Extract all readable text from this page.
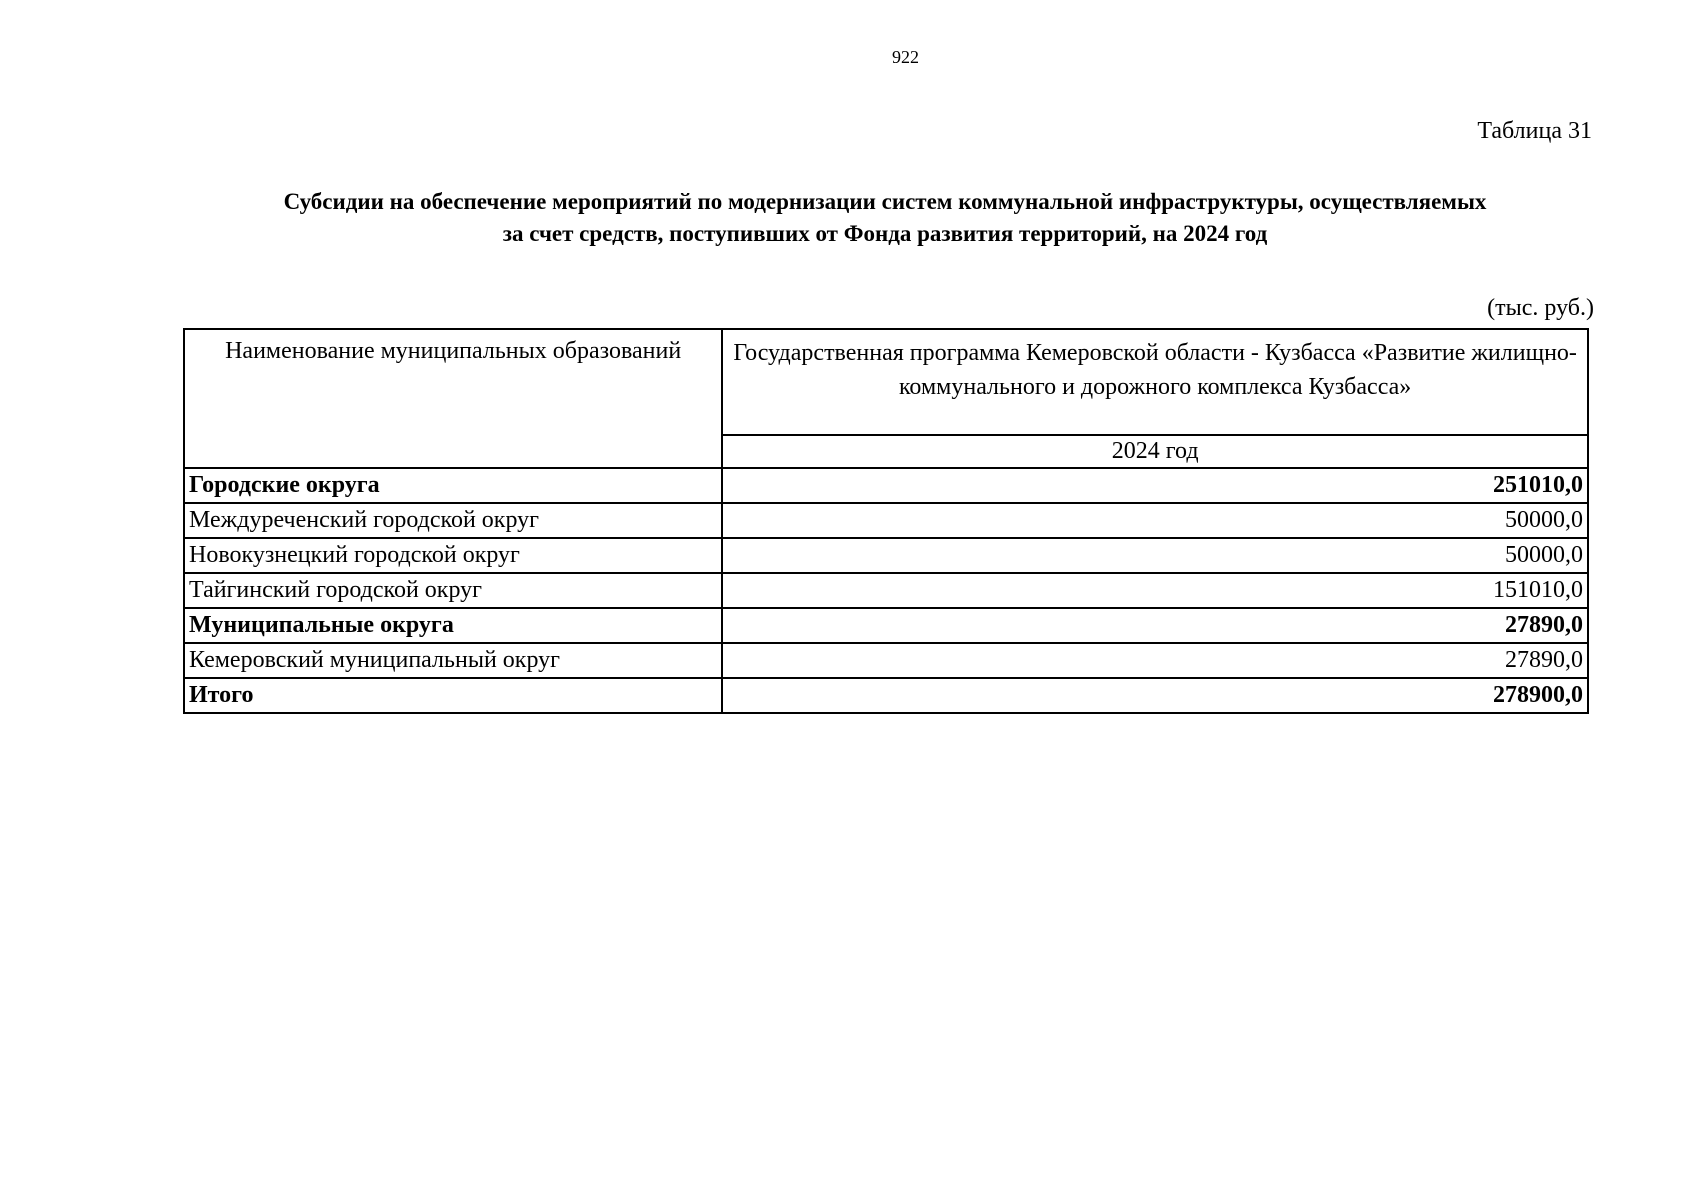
922
Таблица 31
Субсидии на обеспечение мероприятий по модернизации систем коммунальной инфраструктуры, осуществляемых
за счет средств, поступивших от Фонда развития территорий, на 2024 год
(тыс. руб.)
Наименование муниципальных образований	Государственная программа Кемеровской области - Кузбасса «Развитие жилищно-коммунального и дорожного комплекса Кузбасса»
	2024 год
Городские округа	251010,0
Междуреченский городской округ	50000,0
Новокузнецкий городской округ	50000,0
Тайгинский городской округ	151010,0
Муниципальные округа	27890,0
Кемеровский муниципальный округ	27890,0
Итого	278900,0
